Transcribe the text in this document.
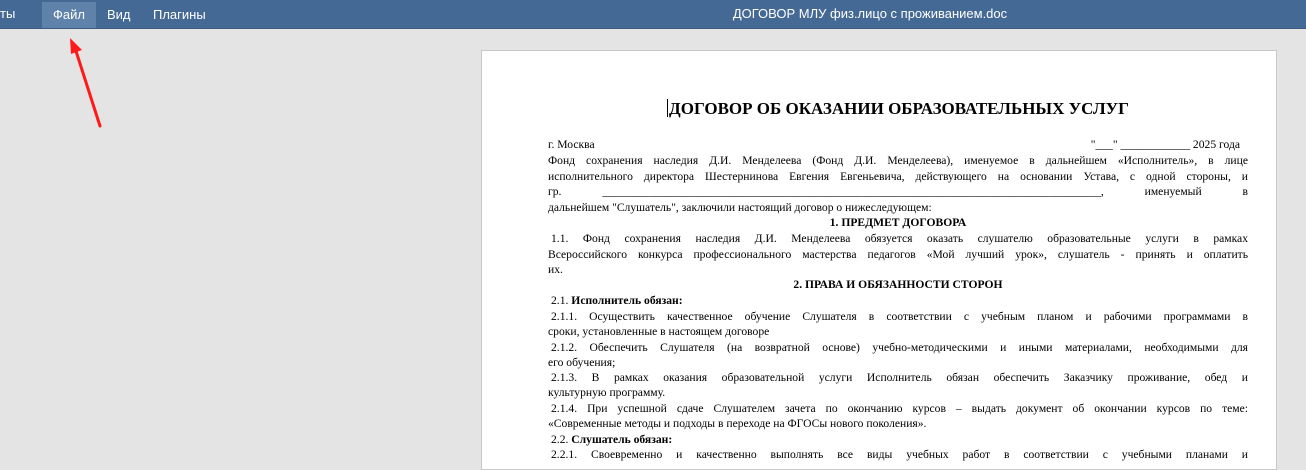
ты	Файл	Вид Плагины	ДОГОВОР МЛУ физ.лицо с проживанием.doc
ДОГОВОР ОБ ОКАЗАНИИ ОБРАЗОВАТЕЛЬНЫХ УСЛУГ
г. Москва	"___" ____________ 2025 года
Фонд сохранения наследия Д.И. Менделеева (Фонд Д.И. Менделеева), именуемое в дальнейшем «Исполнитель», в лице
исполнительного директора Шестернинова Евгения Евгеньевича, действующего на основании Устава, с одной стороны, и
гр. ______________________________________________________________________________________, именуемый в
дальнейшем "Слушатель", заключили настоящий договор о нижеследующем:
1. ПРЕДМЕТ ДОГОВОРА
1.1. Фонд сохранения наследия Д.И. Менделеева обязуется оказать слушателю образовательные услуги в рамках
Всероссийского конкурса профессионального мастерства педагогов «Мой лучший урок», слушатель - принять и оплатить
их.
2. ПРАВА И ОБЯЗАННОСТИ СТОРОН
2.1. Исполнитель обязан:
2.1.1. Осуществить качественное обучение Слушателя в соответствии с учебным планом и рабочими программами в
сроки, установленные в настоящем договоре
2.1.2. Обеспечить Слушателя (на возвратной основе) учебно-методическими и иными материалами, необходимыми для
его обучения;
2.1.3. В рамках оказания образовательной услуги Исполнитель обязан обеспечить Заказчику проживание, обед и
культурную программу.
2.1.4. При успешной сдаче Слушателем зачета по окончанию курсов – выдать документ об окончании курсов по теме:
«Современные методы и подходы в переходе на ФГОСы нового поколения».
2.2. Слушатель обязан:
2.2.1. Своевременно и качественно выполнять все виды учебных работ в соответствии с учебными планами и
